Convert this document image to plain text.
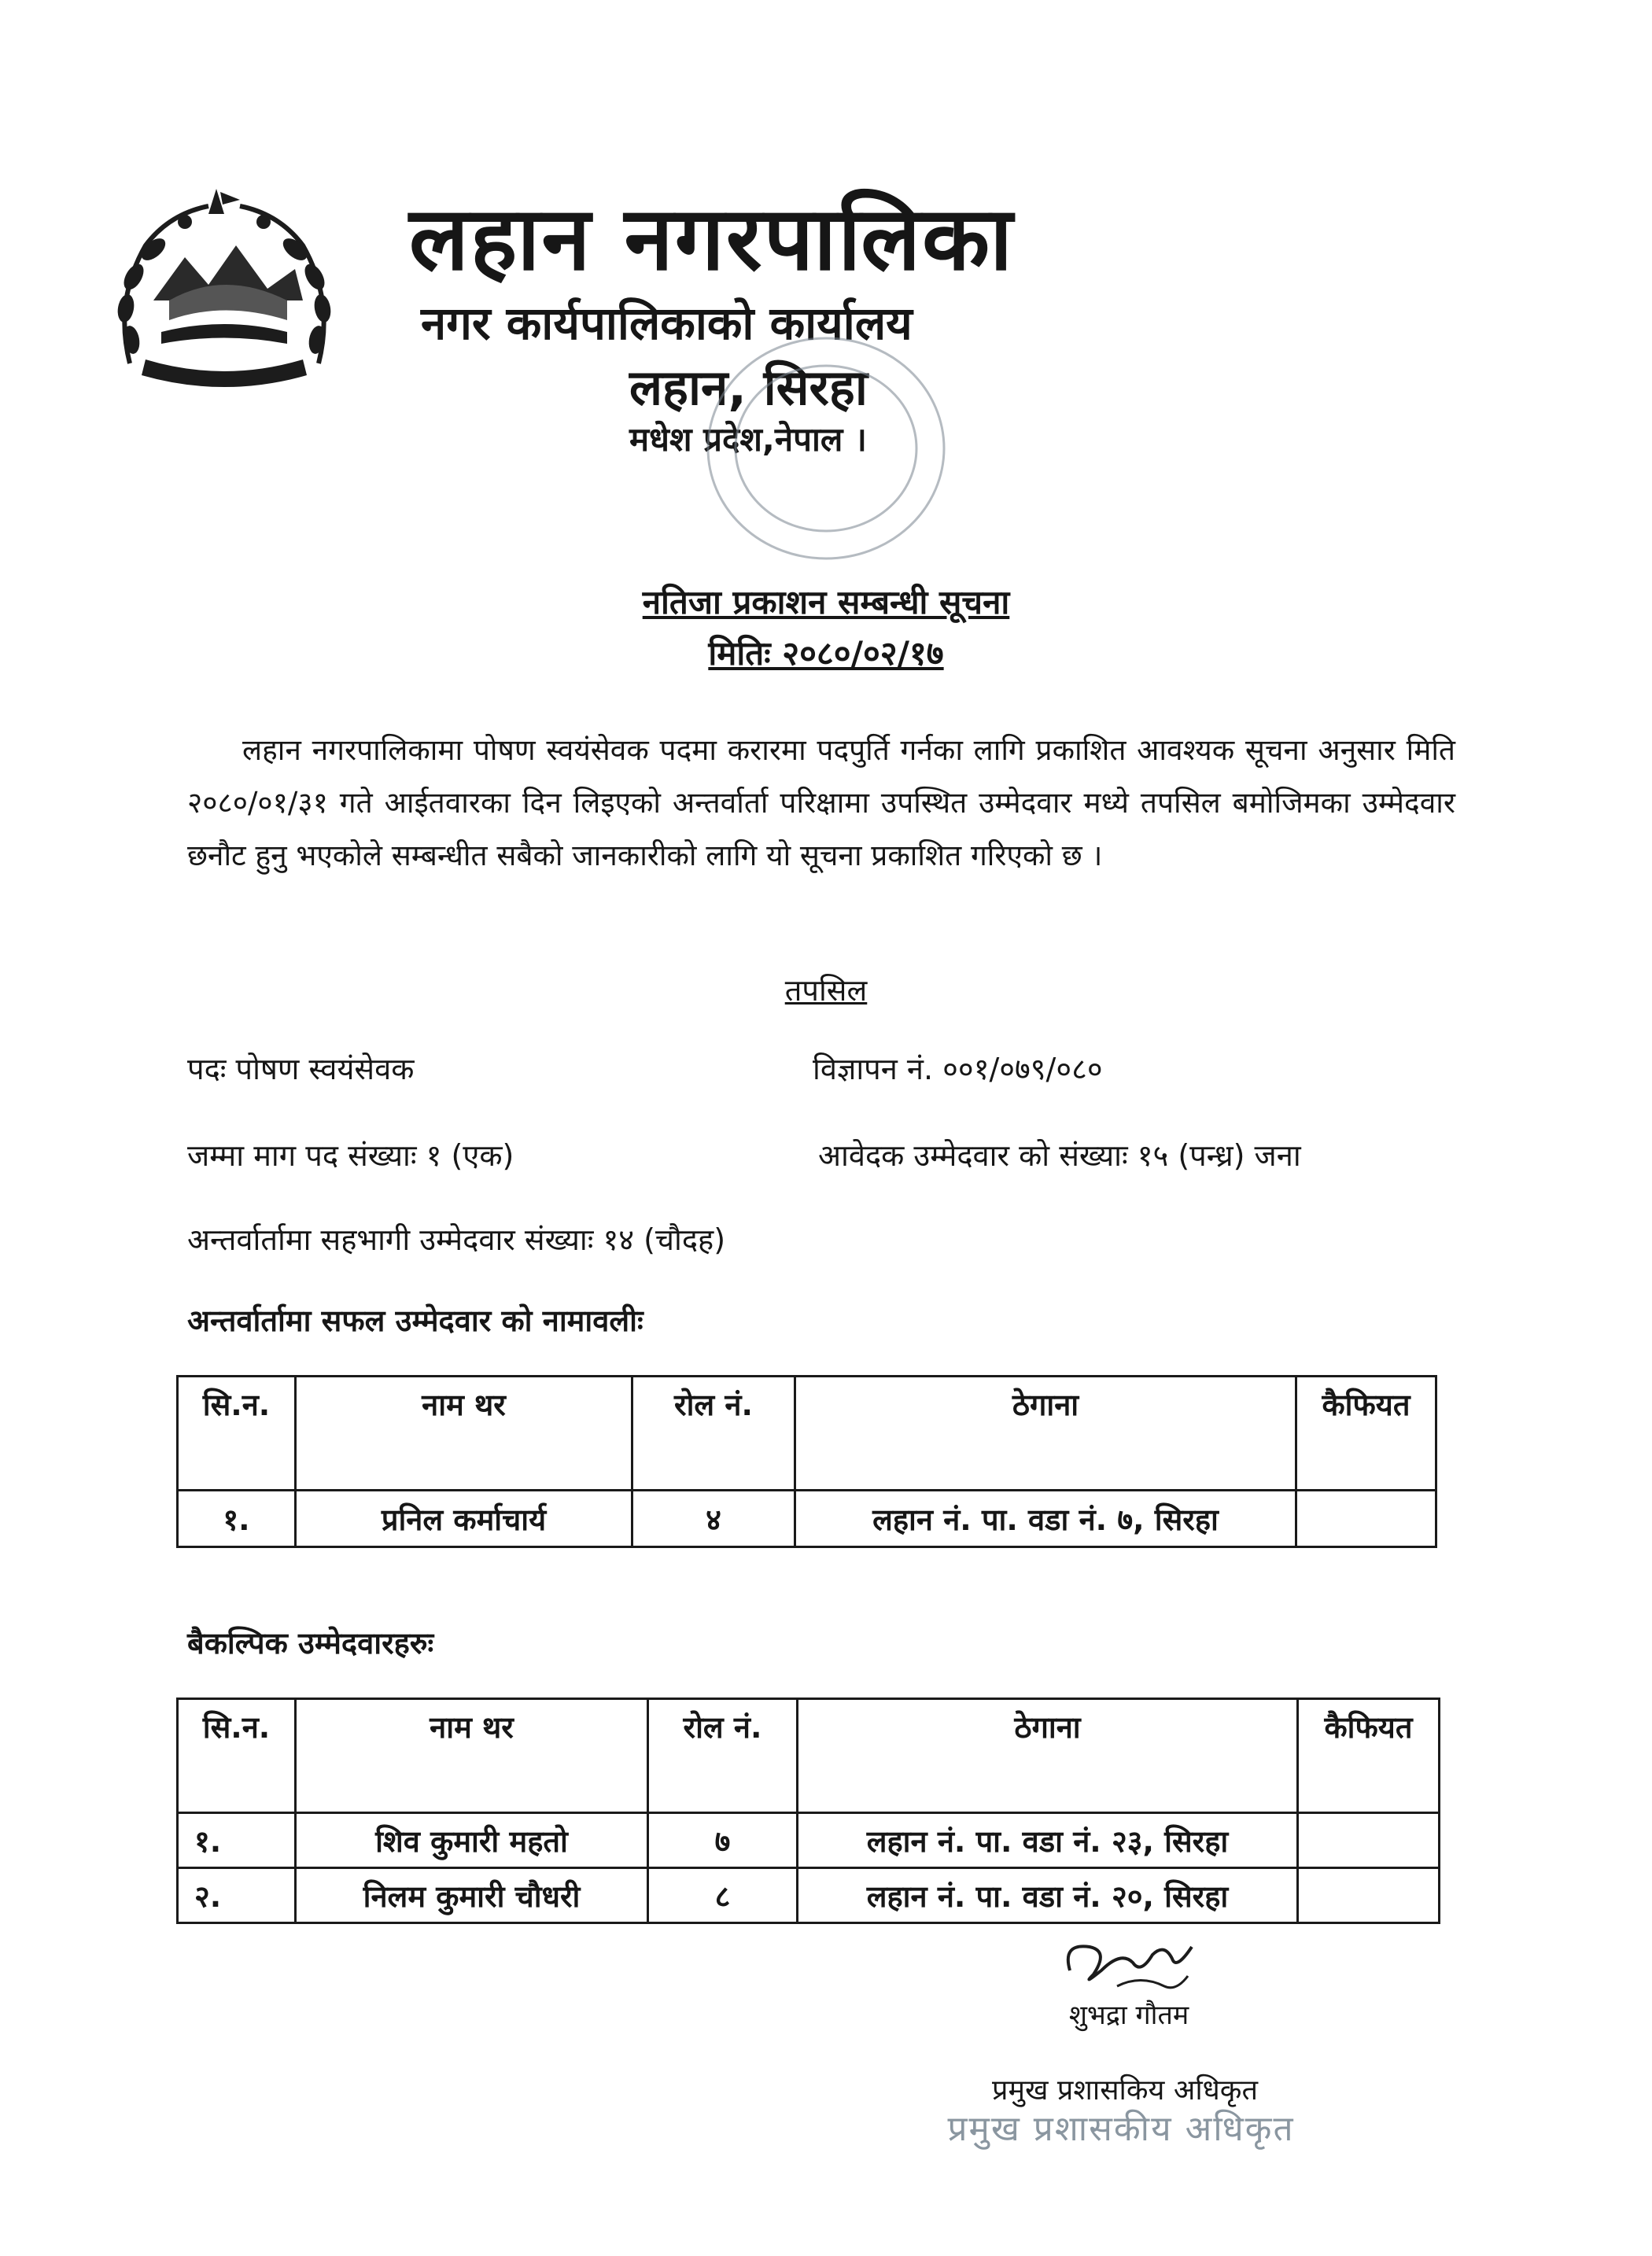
लहान नगरपालिका
नगर कार्यपालिकाको कार्यालय
लहान, सिरहा
मधेश प्रदेश,नेपाल ।
नतिजा प्रकाशन सम्बन्धी सूचना
मितिः २०८०/०२/१७
लहान नगरपालिकामा पोषण स्वयंसेवक पदमा करारमा पदपुर्ति गर्नका लागि प्रकाशित आवश्यक सूचना अनुसार मिति २०८०/०१/३१ गते आईतवारका दिन लिइएको अन्तर्वार्ता परिक्षामा उपस्थित उम्मेदवार मध्ये तपसिल बमोजिमका उम्मेदवार छनौट हुनु भएकोले सम्बन्धीत सबैको जानकारीको लागि यो सूचना प्रकाशित गरिएको छ ।
तपसिल
पदः पोषण स्वयंसेवक	विज्ञापन नं. ००१/०७९/०८०
जम्मा माग पद संख्याः १ (एक)	आवेदक उम्मेदवार को संख्याः १५ (पन्ध्र) जना
अन्तर्वार्तामा सहभागी उम्मेदवार संख्याः १४ (चौदह)
अन्तर्वार्तामा सफल उम्मेदवार को नामावलीः
सि.न.	नाम थर	रोल नं.	ठेगाना	कैफियत
१.	प्रनिल कर्माचार्य	४	लहान नं. पा. वडा नं. ७, सिरहा	
बैकल्पिक उम्मेदवारहरुः
सि.न.	नाम थर	रोल नं.	ठेगाना	कैफियत
१.	शिव कुमारी महतो	७	लहान नं. पा. वडा नं. २३, सिरहा	
२.	निलम कुमारी चौधरी	८	लहान नं. पा. वडा नं. २०, सिरहा	
शुभद्रा गौतम
प्रमुख प्रशासकिय अधिकृत
प्रमुख प्रशासकीय अधिकृत
